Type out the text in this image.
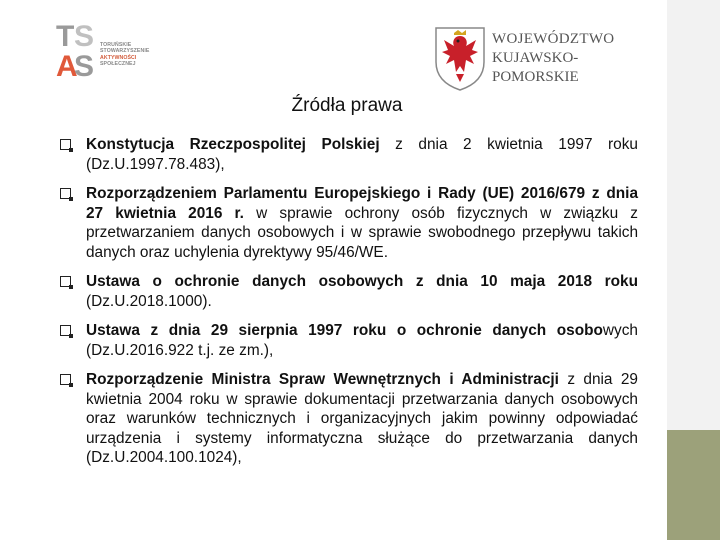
T S
A
S
TORUŃSKIE
STOWARZYSZENIE
AKTYWNOŚCI
SPOŁECZNEJ
WOJEWÓDZTWO
KUJAWSKO-POMORSKIE
Źródła prawa

Konstytucja Rzeczpospolitej Polskiej z dnia 2 kwietnia 1997 roku (Dz.U.1997.78.483),

Rozporządzeniem Parlamentu Europejskiego i Rady (UE) 2016/679 z dnia 27 kwietnia 2016 r. w sprawie ochrony osób fizycznych w związku z przetwarzaniem danych osobowych i w sprawie swobodnego przepływu takich danych oraz uchylenia dyrektywy 95/46/WE.

Ustawa o ochronie danych osobowych z dnia 10 maja 2018 roku (Dz.U.2018.1000).

Ustawa z dnia 29 sierpnia 1997 roku o ochronie danych osobowych (Dz.U.2016.922 t.j. ze zm.),

Rozporządzenie Ministra Spraw Wewnętrznych i Administracji z dnia 29 kwietnia 2004 roku w sprawie dokumentacji przetwarzania danych osobowych oraz warunków technicznych i organizacyjnych jakim powinny odpowiadać urządzenia i systemy informatyczna służące do przetwarzania danych (Dz.U.2004.100.1024),
